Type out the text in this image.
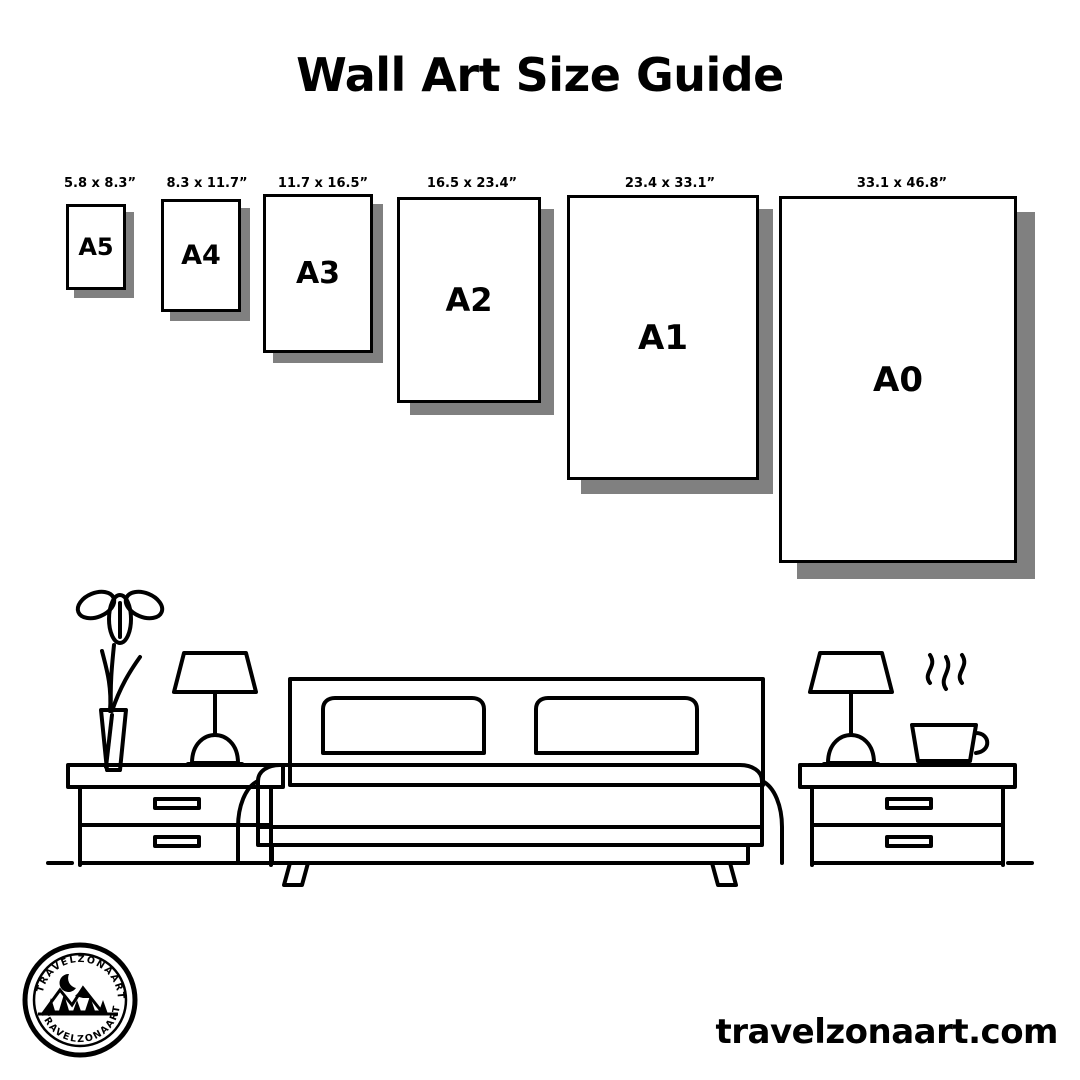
Wall Art Size Guide
5.8 x 8.3”
A5
8.3 x 11.7”
A4
11.7 x 16.5”
A3
16.5 x 23.4”
A2
23.4 x 33.1”
A1
33.1 x 46.8”
A0
TRAVELZONAART
TRAVELZONAART
travelzonaart.com
